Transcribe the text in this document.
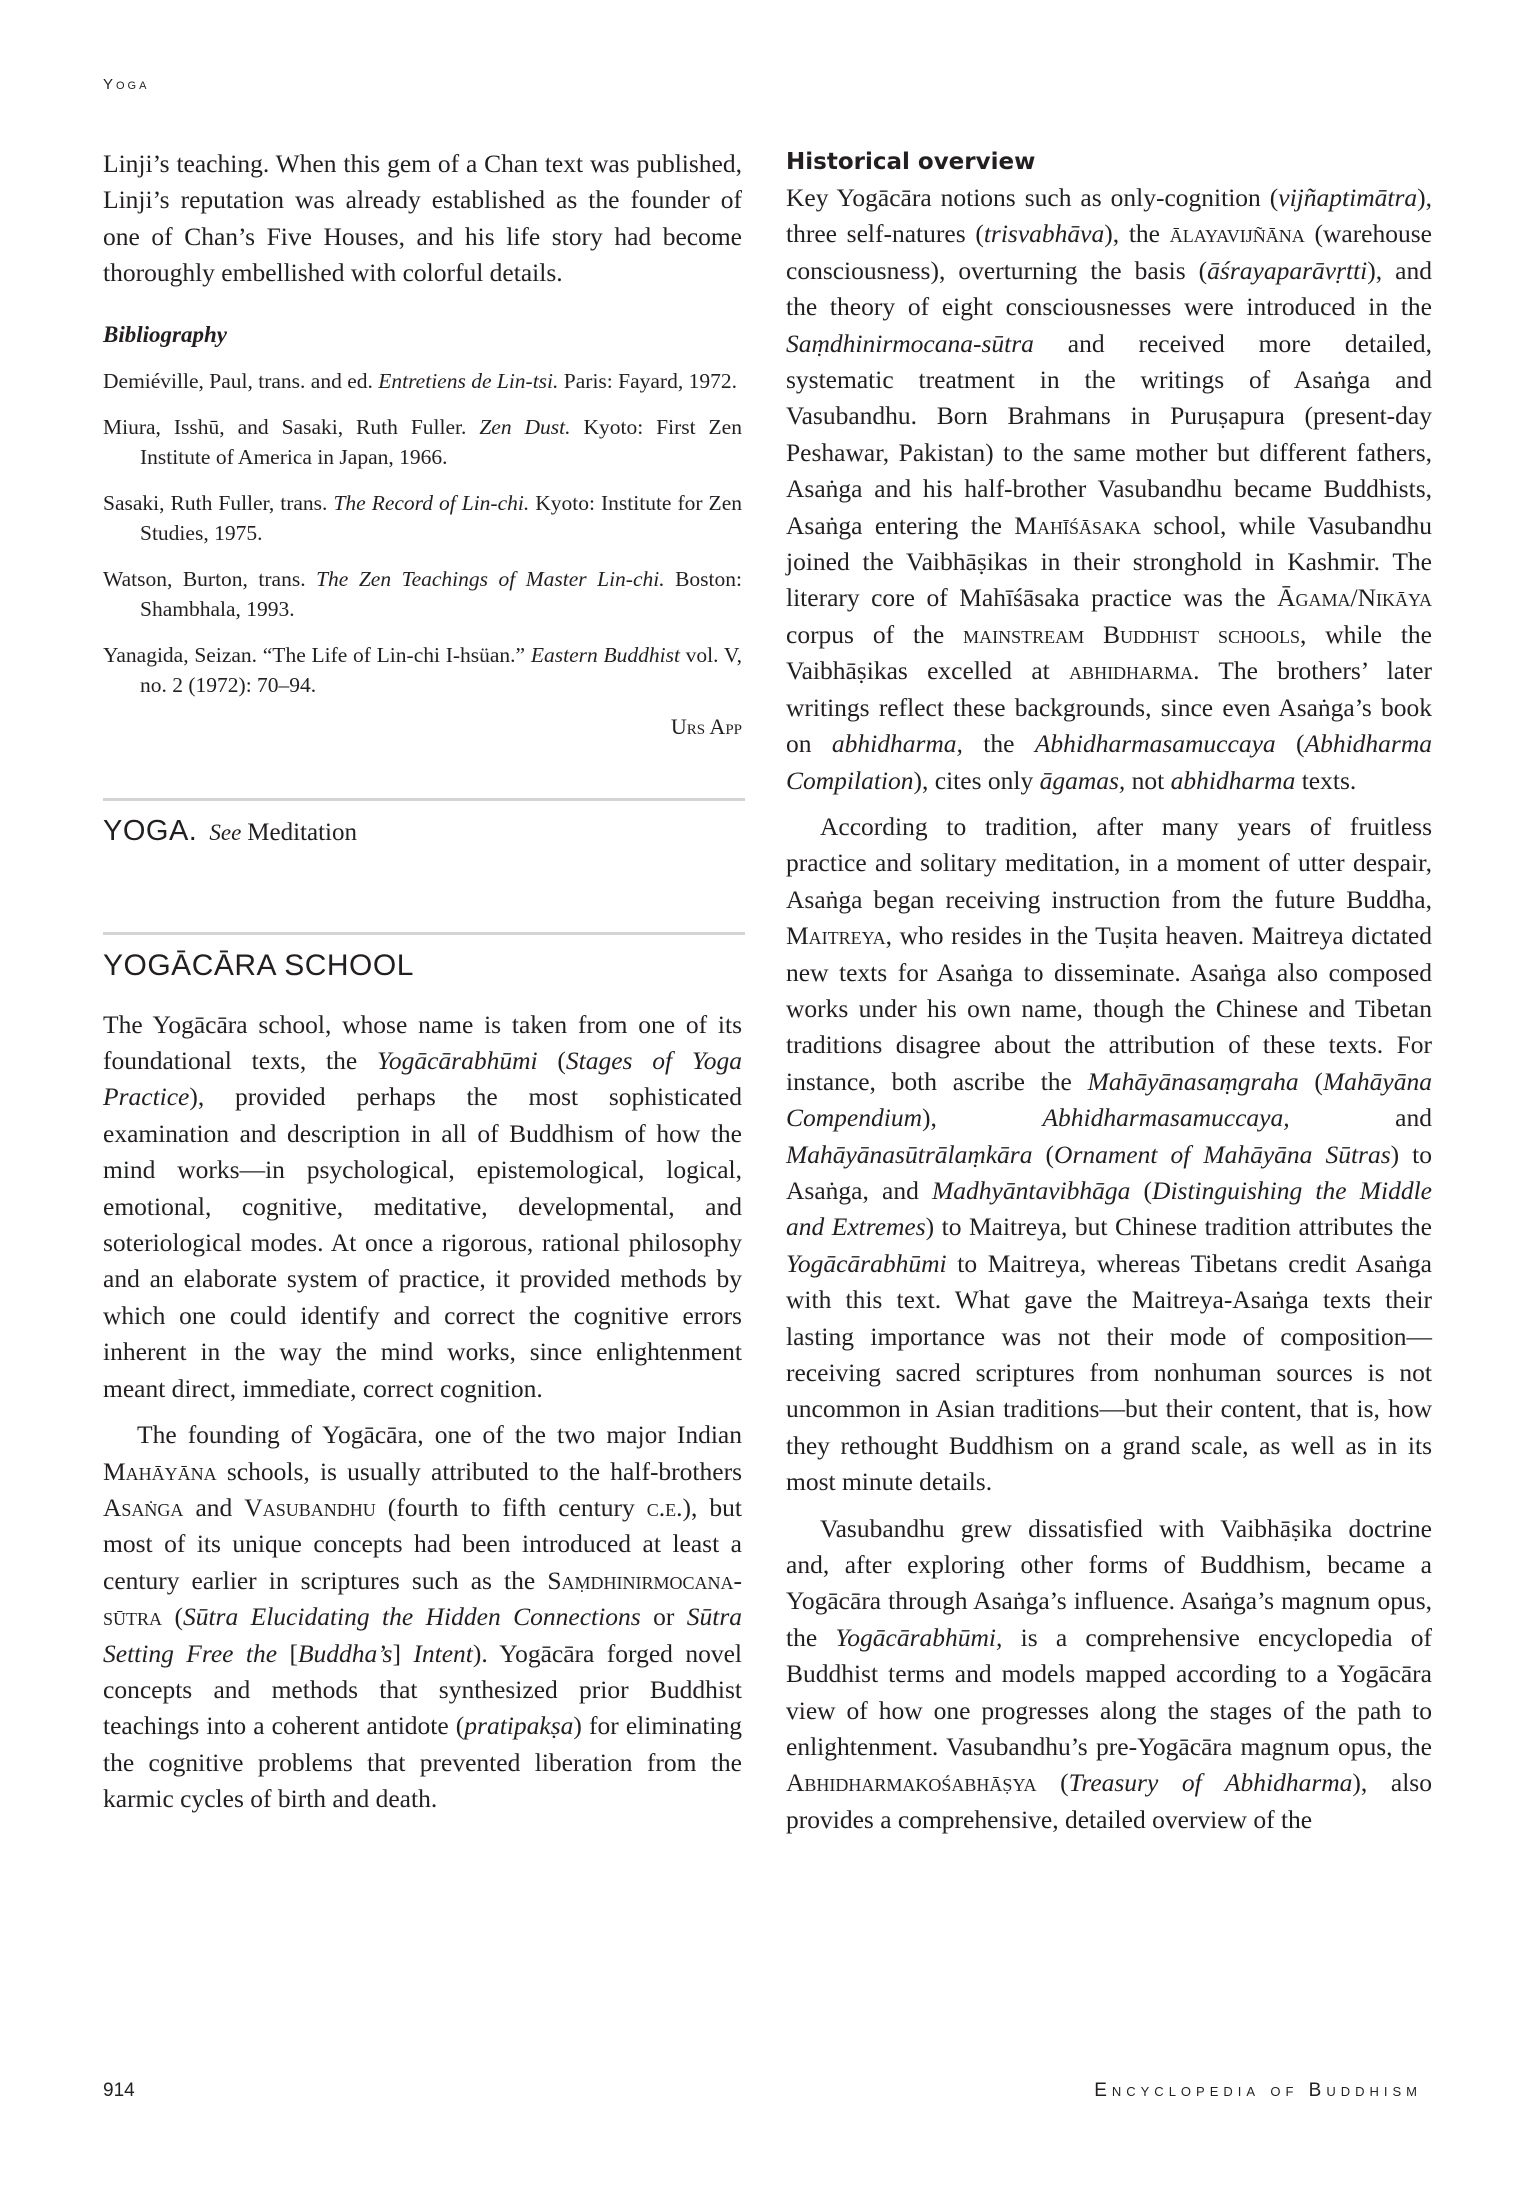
Yoga

Linji’s teaching. When this gem of a Chan text was published, Linji’s reputation was already established as the founder of one of Chan’s Five Houses, and his life story had become thoroughly embellished with colorful details.

Bibliography

Demiéville, Paul, trans. and ed. Entretiens de Lin-tsi. Paris: Fayard, 1972.

Miura, Isshū, and Sasaki, Ruth Fuller. Zen Dust. Kyoto: First Zen Institute of America in Japan, 1966.

Sasaki, Ruth Fuller, trans. The Record of Lin-chi. Kyoto: Institute for Zen Studies, 1975.

Watson, Burton, trans. The Zen Teachings of Master Lin-chi. Boston: Shambhala, 1993.

Yanagida, Seizan. “The Life of Lin-chi I-hsüan.” Eastern Buddhist vol. V, no. 2 (1972): 70–94.

Urs App
YOGA. See Meditation
YOGĀCĀRA SCHOOL

The Yogācāra school, whose name is taken from one of its foundational texts, the Yogācārabhūmi (Stages of Yoga Practice), provided perhaps the most sophisticated examination and description in all of Buddhism of how the mind works—in psychological, epistemological, logical, emotional, cognitive, meditative, developmental, and soteriological modes. At once a rigorous, rational philosophy and an elaborate system of practice, it provided methods by which one could identify and correct the cognitive errors inherent in the way the mind works, since enlightenment meant direct, immediate, correct cognition.

The founding of Yogācāra, one of the two major Indian Mahāyāna schools, is usually attributed to the half-brothers Asaṅga and Vasubandhu (fourth to fifth century c.e.), but most of its unique concepts had been introduced at least a century earlier in scriptures such as the Saṃdhinirmocana-sūtra (Sūtra Elucidating the Hidden Connections or Sūtra Setting Free the [Buddha’s] Intent). Yogācāra forged novel concepts and methods that synthesized prior Buddhist teachings into a coherent antidote (pratipakṣa) for eliminating the cognitive problems that prevented liberation from the karmic cycles of birth and death.

Historical overview

Key Yogācāra notions such as only-cognition (vijñaptimātra), three self-natures (trisvabhāva), the ālayavijñāna (warehouse consciousness), overturning the basis (āśrayaparāvṛtti), and the theory of eight consciousnesses were introduced in the Saṃdhinirmocana-sūtra and received more detailed, systematic treatment in the writings of Asaṅga and Vasubandhu. Born Brahmans in Puruṣapura (present-day Peshawar, Pakistan) to the same mother but different fathers, Asaṅga and his half-brother Vasubandhu became Buddhists, Asaṅga entering the Mahīśāsaka school, while Vasubandhu joined the Vaibhāṣikas in their stronghold in Kashmir. The literary core of Mahīśāsaka practice was the Āgama/Nikāya corpus of the mainstream Buddhist schools, while the Vaibhāṣikas excelled at abhidharma. The brothers’ later writings reflect these backgrounds, since even Asaṅga’s book on abhidharma, the Abhidharmasamuccaya (Abhidharma Compilation), cites only āgamas, not abhidharma texts.

According to tradition, after many years of fruitless practice and solitary meditation, in a moment of utter despair, Asaṅga began receiving instruction from the future Buddha, Maitreya, who resides in the Tuṣita heaven. Maitreya dictated new texts for Asaṅga to disseminate. Asaṅga also composed works under his own name, though the Chinese and Tibetan traditions disagree about the attribution of these texts. For instance, both ascribe the Mahāyānasaṃgraha (Mahāyāna Compendium), Abhidharmasamuccaya, and Mahāyānasūtrālaṃkāra (Ornament of Mahāyāna Sūtras) to Asaṅga, and Madhyāntavibhāga (Distinguishing the Middle and Extremes) to Maitreya, but Chinese tradition attributes the Yogācārabhūmi to Maitreya, whereas Tibetans credit Asaṅga with this text. What gave the Maitreya-Asaṅga texts their lasting importance was not their mode of composition—receiving sacred scriptures from nonhuman sources is not uncommon in Asian traditions—but their content, that is, how they rethought Buddhism on a grand scale, as well as in its most minute details.

Vasubandhu grew dissatisfied with Vaibhāṣika doctrine and, after exploring other forms of Buddhism, became a Yogācāra through Asaṅga’s influence. Asaṅga’s magnum opus, the Yogācārabhūmi, is a comprehensive encyclopedia of Buddhist terms and models mapped according to a Yogācāra view of how one progresses along the stages of the path to enlightenment. Vasubandhu’s pre-Yogācāra magnum opus, the Abhidharmakośabhāṣya (Treasury of Abhidharma), also provides a comprehensive, detailed overview of the

914	Encyclopedia of Buddhism
